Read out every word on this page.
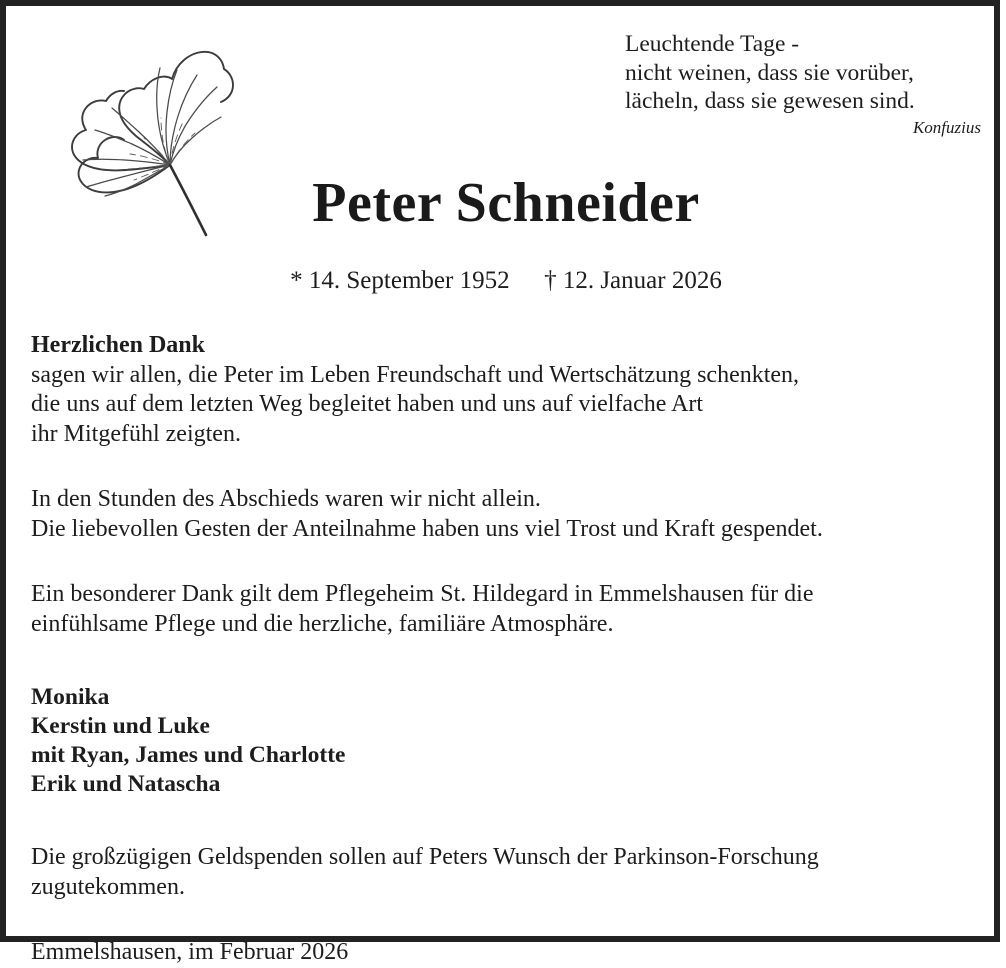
Leuchtende Tage -
nicht weinen, dass sie vorüber,
lächeln, dass sie gewesen sind.
Konfuzius
Peter Schneider
* 14. September 1952 † 12. Januar 2026
Herzlichen Dank
sagen wir allen, die Peter im Leben Freundschaft und Wertschätzung schenkten,
die uns auf dem letzten Weg begleitet haben und uns auf vielfache Art
ihr Mitgefühl zeigten.
In den Stunden des Abschieds waren wir nicht allein.
Die liebevollen Gesten der Anteilnahme haben uns viel Trost und Kraft gespendet.
Ein besonderer Dank gilt dem Pflegeheim St. Hildegard in Emmelshausen für die
einfühlsame Pflege und die herzliche, familiäre Atmosphäre.
Monika
Kerstin und Luke
mit Ryan, James und Charlotte
Erik und Natascha
Die großzügigen Geldspenden sollen auf Peters Wunsch der Parkinson-Forschung
zugutekommen.
Emmelshausen, im Februar 2026
